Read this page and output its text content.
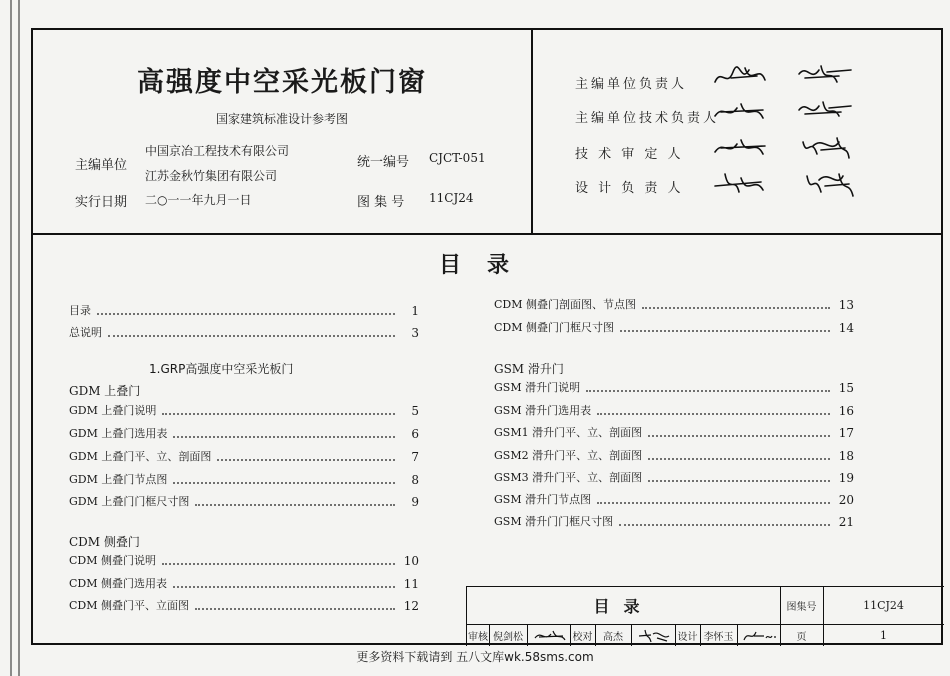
高强度中空采光板门窗
国家建筑标准设计参考图
主编单位
中国京冶工程技术有限公司
江苏金秋竹集团有限公司
统一编号 CJCT-051
实行日期 二○一一年九月一日	图 集 号 11CJ24
主编单位负责人
主编单位技术负责人
技 术 审 定 人
设 计 负 责 人
目录
目录	1
总说明	3
1.GRP高强度中空采光板门
GDM 上叠门
GDM 上叠门说明	5
GDM 上叠门选用表	6
GDM 上叠门平、立、剖面图	7
GDM 上叠门节点图	8
GDM 上叠门门框尺寸图	9
CDM 侧叠门
CDM 侧叠门说明	10
CDM 侧叠门选用表	11
CDM 侧叠门平、立面图	12
CDM 侧叠门剖面图、节点图	13
CDM 侧叠门门框尺寸图	14
GSM 滑升门
GSM 滑升门说明	15
GSM 滑升门选用表	16
GSM1 滑升门平、立、剖面图	17
GSM2 滑升门平、立、剖面图	18
GSM3 滑升门平、立、剖面图	19
GSM 滑升门节点图	20
GSM 滑升门门框尺寸图	21
目录	图集号	11CJ24
审核 倪剑松	校对	高杰	设计 李怀玉	页	1
更多资料下载请到 五八文库wk.58sms.com
